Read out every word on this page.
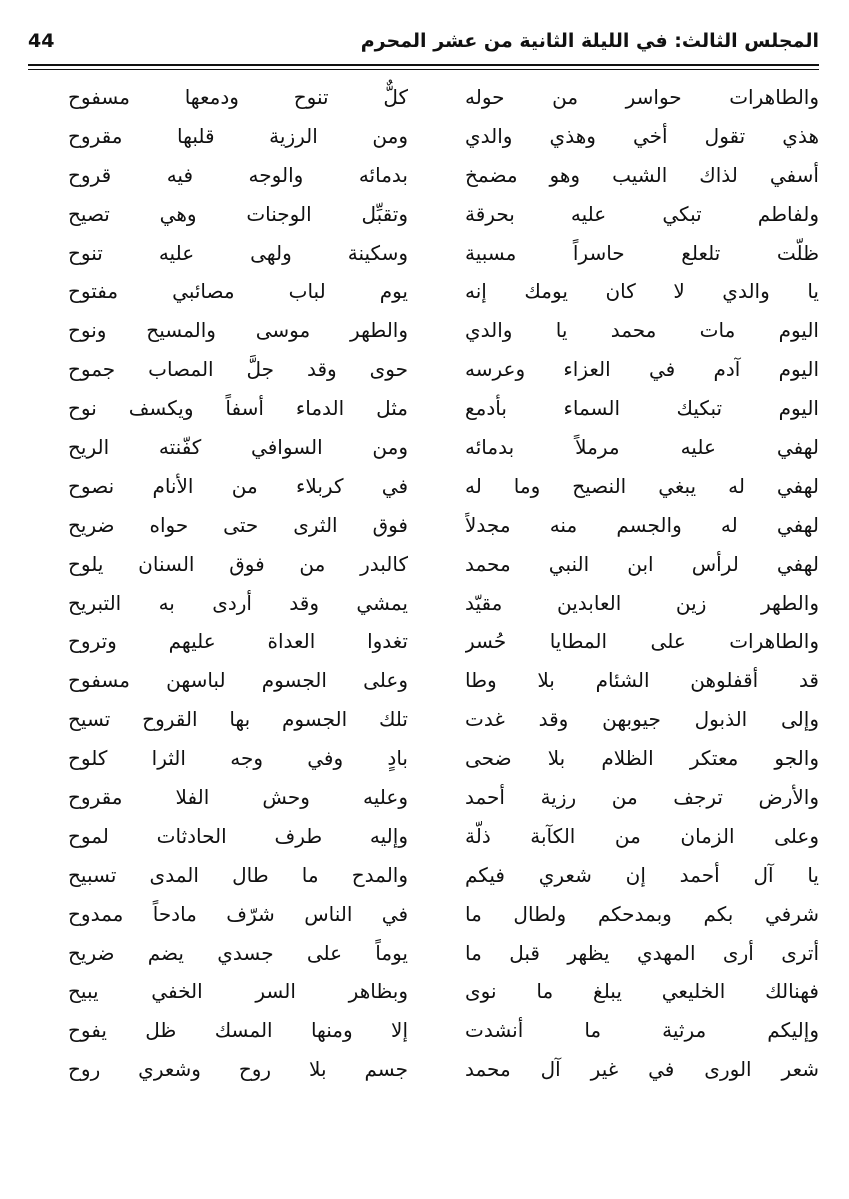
المجلس الثالث: في الليلة الثانية من عشر المحرم
44
والطاهرات حواسر من حوله
هذي تقول أخي وهذي والدي
أسفي لذاك الشيب وهو مضمخ
ولفاطم تبكي عليه بحرقة
ظلّت تلعلع حاسراً مسبية
يا والدي لا كان يومك إنه
اليوم مات محمد يا والدي
اليوم آدم في العزاء وعرسه
اليوم تبكيك السماء بأدمع
لهفي عليه مرملاً بدمائه
لهفي له يبغي النصيح وما له
لهفي له والجسم منه مجدلاً
لهفي لرأس ابن النبي محمد
والطهر زين العابدين مقيّد
والطاهرات على المطايا حُسر
قد أقفلوهن الشئام بلا وطا
وإلى الذبول جيوبهن وقد غدت
والجو معتكر الظلام بلا ضحى
والأرض ترجف من رزية أحمد
وعلى الزمان من الكآبة ذلّة
يا آل أحمد إن شعري فيكم
شرفي بكم وبمدحكم ولطال ما
أترى أرى المهدي يظهر قبل ما
فهنالك الخليعي يبلغ ما نوى
وإليكم مرثية ما أنشدت
شعر الورى في غير آل محمد
كلٌّ تنوح ودمعها مسفوح
ومن الرزية قلبها مقروح
بدمائه والوجه فيه قروح
وتقبِّل الوجنات وهي تصيح
وسكينة ولهى عليه تنوح
يوم لباب مصائبي مفتوح
والطهر موسى والمسيح ونوح
حوى وقد جلَّ المصاب جموح
مثل الدماء أسفاً ويكسف نوح
ومن السوافي كفّنته الريح
في كربلاء من الأنام نصوح
فوق الثرى حتى حواه ضريح
كالبدر من فوق السنان يلوح
يمشي وقد أردى به التبريح
تغدوا العداة عليهم وتروح
وعلى الجسوم لباسهن مسفوح
تلك الجسوم بها القروح تسيح
بادٍ وفي وجه الثرا كلوح
وعليه وحش الفلا مقروح
وإليه طرف الحادثات لموح
والمدح ما طال المدى تسبيح
في الناس شرّف مادحاً ممدوح
يوماً على جسدي يضم ضريح
وبظاهر السر الخفي يبيح
إلا ومنها المسك ظل يفوح
جسم بلا روح وشعري روح
